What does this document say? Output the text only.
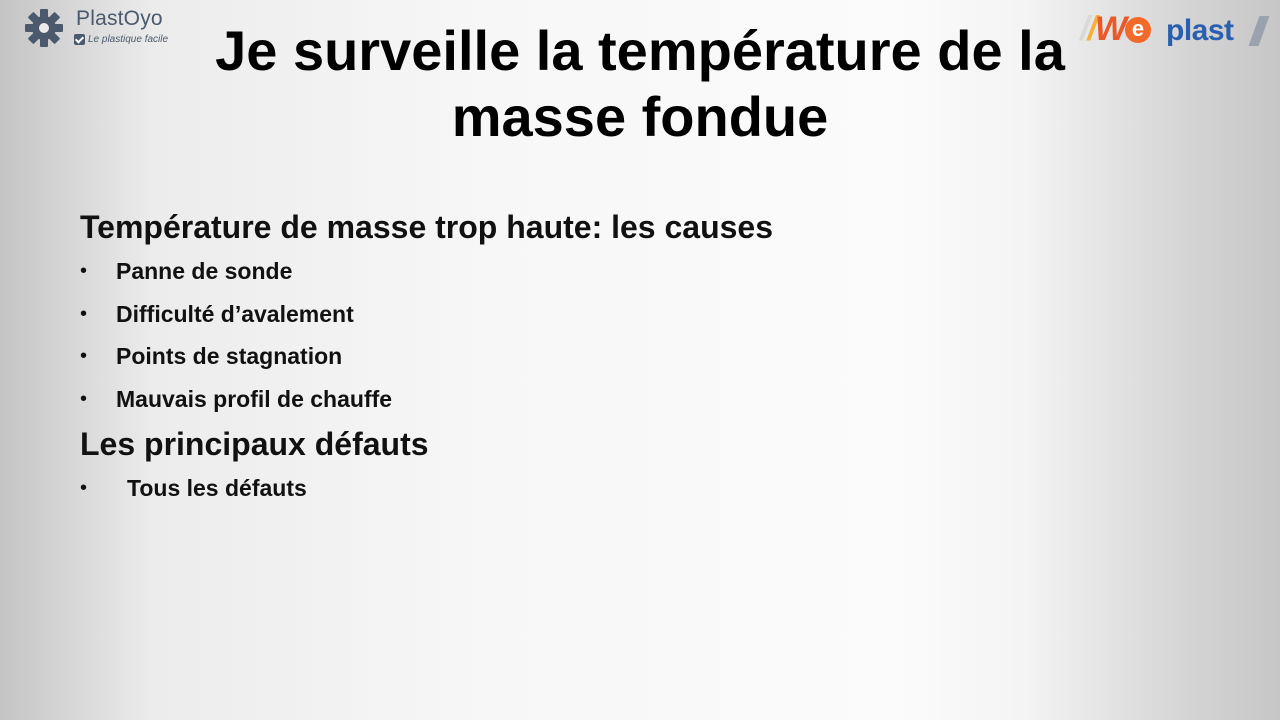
PlastOyo
Le plastique facile	//W e plast
Je surveille la température de la masse fondue
Température de masse trop haute: les causes
• Panne de sonde
• Difficulté d’avalement
• Points de stagnation
• Mauvais profil de chauffe
Les principaux défauts
• Tous les défauts
